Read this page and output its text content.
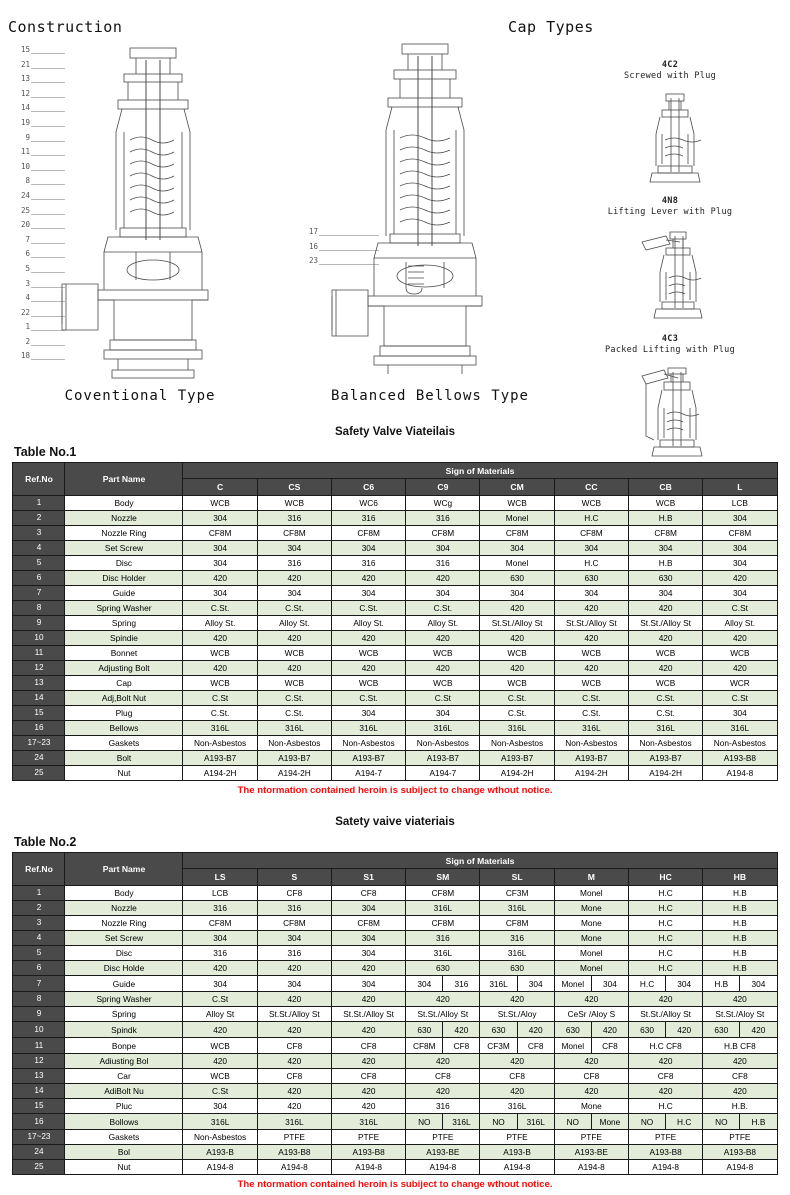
Construction	Cap Types
15
21
13
12
14
19
9
11
10
8
24
25
20
7
6
5
3
4
22
1
2
18
17
16
23
4C2
Screwed with Plug
4N8
Lifting Lever with Plug
4C3
Packed Lifting with Plug
Coventional Type	Balanced Bellows Type
Safety Valve Viateilais
Table No.1
Ref.No	Part Name	Sign of Materials							
		C	CS	C6	C9	CM	CC	CB	L
1	Body	WCB	WCB	WC6	WCg	WCB	WCB	WCB	LCB
2	Nozzle	304	316	316	316	Monel	H.C	H.B	304
3	Nozzle Ring	CF8M	CF8M	CF8M	CF8M	CF8M	CF8M	CF8M	CF8M
4	Set Screw	304	304	304	304	304	304	304	304
5	Disc	304	316	316	316	Monel	H.C	H.B	304
6	Disc Holder	420	420	420	420	630	630	630	420
7	Guide	304	304	304	304	304	304	304	304
8	Spring Washer	C.St.	C.St.	C.St.	C.St.	420	420	420	C.St
9	Spring	Alloy St.	Alloy St.	Alloy St.	Alloy St.	St.St./Alloy St	St.St./Alloy St	St.St./Alloy St	Alloy St.
10	Spindie	420	420	420	420	420	420	420	420
11	Bonnet	WCB	WCB	WCB	WCB	WCB	WCB	WCB	WCB
12	Adjusting Bolt	420	420	420	420	420	420	420	420
13	Cap	WCB	WCB	WCB	WCB	WCB	WCB	WCB	WCR
14	Adj,Bolt Nut	C.St	C.St.	C.St.	C.St	C.St.	C.St.	C.St.	C.St
15	Plug	C.St.	C.St.	304	304	C.St.	C.St.	C.St.	304
16	Bellows	316L	316L	316L	316L	316L	316L	316L	316L
17~23	Gaskets	Non-Asbestos	Non-Asbestos	Non-Asbestos	Non-Asbestos	Non-Asbestos	Non-Asbestos	Non-Asbestos	Non-Asbestos
24	Bolt	A193-B7	A193-B7	A193-B7	A193-B7	A193-B7	A193-B7	A193-B7	A193-B8
25	Nut	A194-2H	A194-2H	A194-7	A194-7	A194-2H	A194-2H	A194-2H	A194-8
The ntormation contained heroin is subiject to change wthout notice.
Satety vaive viateriais
Table No.2
Ref.No	Part Name	Sign of Materials							
		LS	S	S1	SM	SL	M	HC	HB
1	Body	LCB	CF8	CF8	CF8M	CF3M	Monel	H.C	H.B
2	Nozzle	316	316	304	316L	316L	Mone	H.C	H.B
3	Nozzle Ring	CF8M	CF8M	CF8M	CF8M	CF8M	Mone	H.C	H.B
4	Set Screw	304	304	304	316	316	Mone	H.C	H.B
5	Disc	316	316	304	316L	316L	Monel	H.C	H.B
6	Disc Holde	420	420	420	630	630	Monel	H.C	H.B
7	Guide	304	304	304	304 316	316L 304	Monel 304	H.C 304	H.B 304

8	Spring Washer	C.St	420	420	420	420	420	420	420
9	Spring	Alloy St	St.St./Alloy St	St.St./Alloy St	St.St./Alloy St	St.St./Aloy	CeSr /Aloy S	St.St./Alloy St	St.St./Aloy St
10	Spindk	420	420	420	630 420	630 420	630 420	630 420	630 420

11	Bonpe	WCB	CF8	CF8	CF8M CF8	CF3M CF8	Monel CF8	H.C CF8	H.B CF8
12	Adiusting Bol	420	420	420	420	420	420	420	420
13	Car	WCB	CF8	CF8	CF8	CF8	CF8	CF8	CF8
14	AdiBolt Nu	C.St	420	420	420	420	420	420	420
15	Pluc	304	420	420	316	316L	Mone	H.C	H.B.
16	Bollows	316L	316L	316L	NO 316L	NO 316L	NO Mone	NO H.C	NO H.B

17~23	Gaskets	Non-Asbestos	PTFE	PTFE	PTFE	PTFE	PTFE	PTFE	PTFE
24	Bol	A193-B	A193-B8	A193-B8	A193-BE	A193-B	A193-BE	A193-B8	A193-B8
25	Nut	A194-8	A194-8	A194-8	A194-8	A194-8	A194-8	A194-8	A194-8
The ntormation contained heroin is subiject to change wthout notice.
